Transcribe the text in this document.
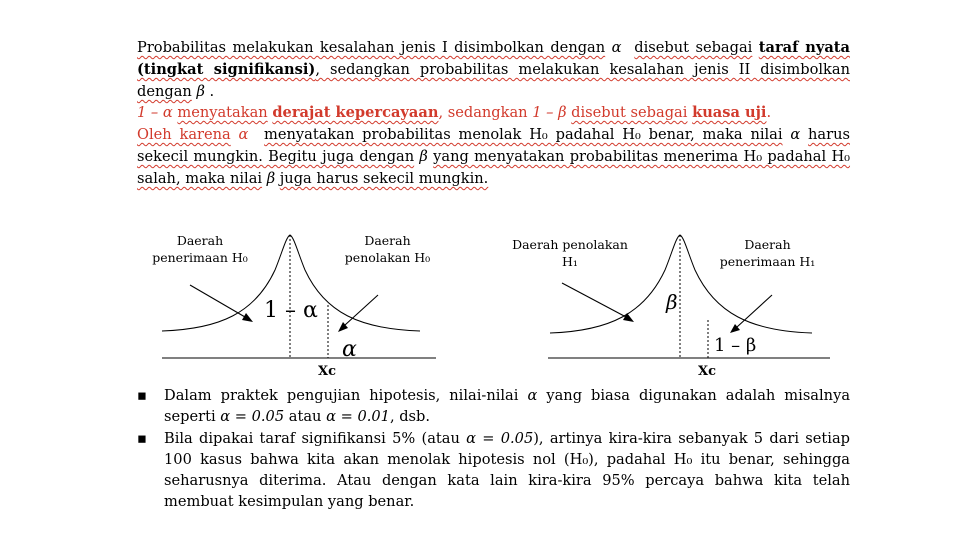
Probabilitas melakukan kesalahan jenis I disimbolkan dengan α disebut sebagai taraf nyata (tingkat signifikansi), sedangkan probabilitas melakukan kesalahan jenis II disimbolkan dengan β .

1 – α menyatakan derajat kepercayaan, sedangkan 1 – β disebut sebagai kuasa uji.

Oleh karena α menyatakan probabilitas menolak H₀ padahal H₀ benar, maka nilai α harus sekecil mungkin. Begitu juga dengan β yang menyatakan probabilitas menerima H₀ padahal H₀ salah, maka nilai β juga harus sekecil mungkin.

Daerah penerimaan H₀
Daerah penolakan H₀
1 – α
α
Xc
Daerah penolakan H₁
Daerah penerimaan H₁
β
1 – β
Xc
▪ Dalam praktek pengujian hipotesis, nilai-nilai α yang biasa digunakan adalah misalnya seperti α = 0.05 atau α = 0.01, dsb.
▪ Bila dipakai taraf signifikansi 5% (atau α = 0.05), artinya kira-kira sebanyak 5 dari setiap 100 kasus bahwa kita akan menolak hipotesis nol (H₀), padahal H₀ itu benar, sehingga seharusnya diterima. Atau dengan kata lain kira-kira 95% percaya bahwa kita telah membuat kesimpulan yang benar.
